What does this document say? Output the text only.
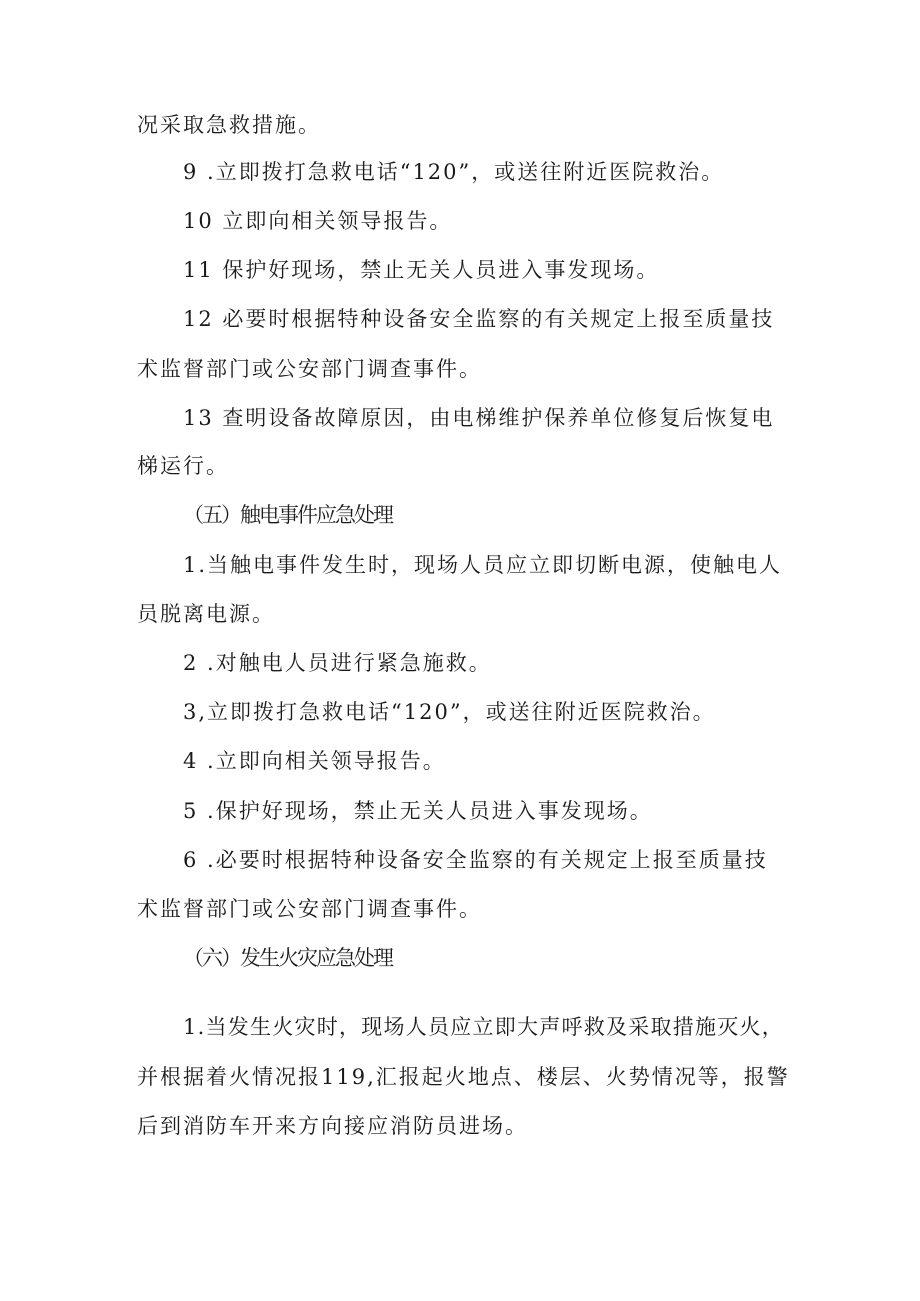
况采取急救措施。

9 .立即拨打急救电话“120”，或送往附近医院救治。

10 立即向相关领导报告。

11 保护好现场，禁止无关人员进入事发现场。

12 必要时根据特种设备安全监察的有关规定上报至质量技

术监督部门或公安部门调查事件。

13 查明设备故障原因，由电梯维护保养单位修复后恢复电

梯运行。

（五）触电事件应急处理

1.当触电事件发生时，现场人员应立即切断电源，使触电人

员脱离电源。

2 .对触电人员进行紧急施救。

3,立即拨打急救电话“120”，或送往附近医院救治。

4 .立即向相关领导报告。

5 .保护好现场，禁止无关人员进入事发现场。

6 .必要时根据特种设备安全监察的有关规定上报至质量技

术监督部门或公安部门调查事件。

（六）发生火灾应急处理

1.当发生火灾时，现场人员应立即大声呼救及采取措施灭火，

并根据着火情况报119,汇报起火地点、楼层、火势情况等，报警

后到消防车开来方向接应消防员进场。
